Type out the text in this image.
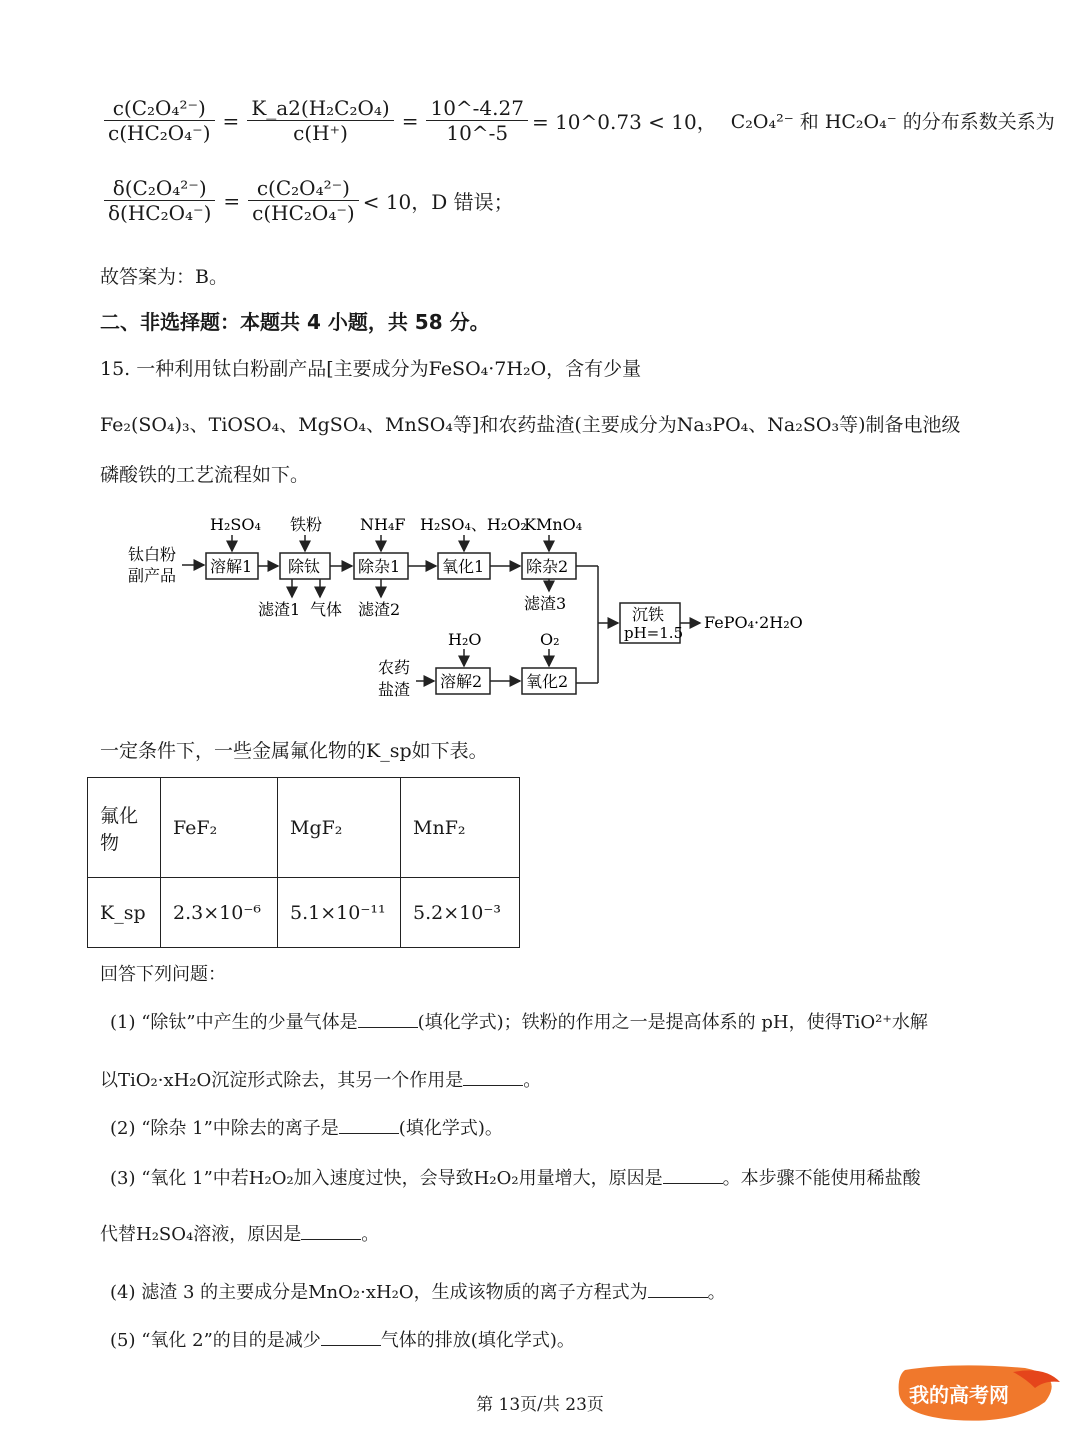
$\frac{\text{c(C₂O₄²⁻)}}{\text{c(HC₂O₄⁻)}} = \frac{\text{K\_a2(H₂C₂O₄)}}{c(H^+)} = \frac{10\^{}-4.27}{10\^{}-5}$ = 10^0.73 < 10， C₂O₄²⁻ 和 HC₂O₄⁻ 的分布系数关系为
$\frac{\text{δ(C₂O₄²⁻)}}{\text{δ(HC₂O₄⁻)}} = \frac{\text{c(C₂O₄²⁻)}}{\text{c(HC₂O₄⁻)}} < 10$，D 错误；
故答案为：B。
二、非选择题：本题共 4 小题，共 58 分。
15. 一种利用钛白粉副产品[主要成分为FeSO₄·7H₂O，含有少量
Fe₂(SO₄)₃、TiOSO₄、MgSO₄、MnSO₄等]和农药盐渣(主要成分为Na₃PO₄、Na₂SO₃等)制备电池级
磷酸铁的工艺流程如下。
钛白粉
副产品 溶解1 除钛 除杂1	氧化1	除杂2
H₂SO₄ 铁粉 NH₄F H₂SO₄、H₂O₂
KMnO₄
滤渣1 气体 滤渣2	滤渣3
沉铁
pH=1.5
FePO₄·2H₂O
农药
盐渣 溶解2	氧化2
H₂O	O₂
一定条件下，一些金属氟化物的K_sp如下表。
氟化物	FeF₂	MgF₂	MnF₂
K_sp	2.3×10⁻⁶	5.1×10⁻¹¹	5.2×10⁻³
回答下列问题：
(1) “除钛”中产生的少量气体是	(填化学式)；铁粉的作用之一是提高体系的 pH，使得TiO²⁺水解
以TiO₂·xH₂O沉淀形式除去，其另一个作用是	。
(2) “除杂 1”中除去的离子是	(填化学式)。
(3) “氧化 1”中若H₂O₂加入速度过快，会导致H₂O₂用量增大，原因是	。本步骤不能使用稀盐酸
代替H₂SO₄溶液，原因是	。
(4) 滤渣 3 的主要成分是MnO₂·xH₂O，生成该物质的离子方程式为	。
(5) “氧化 2”的目的是减少	气体的排放(填化学式)。
第 13页/共 23页	我的高考网
